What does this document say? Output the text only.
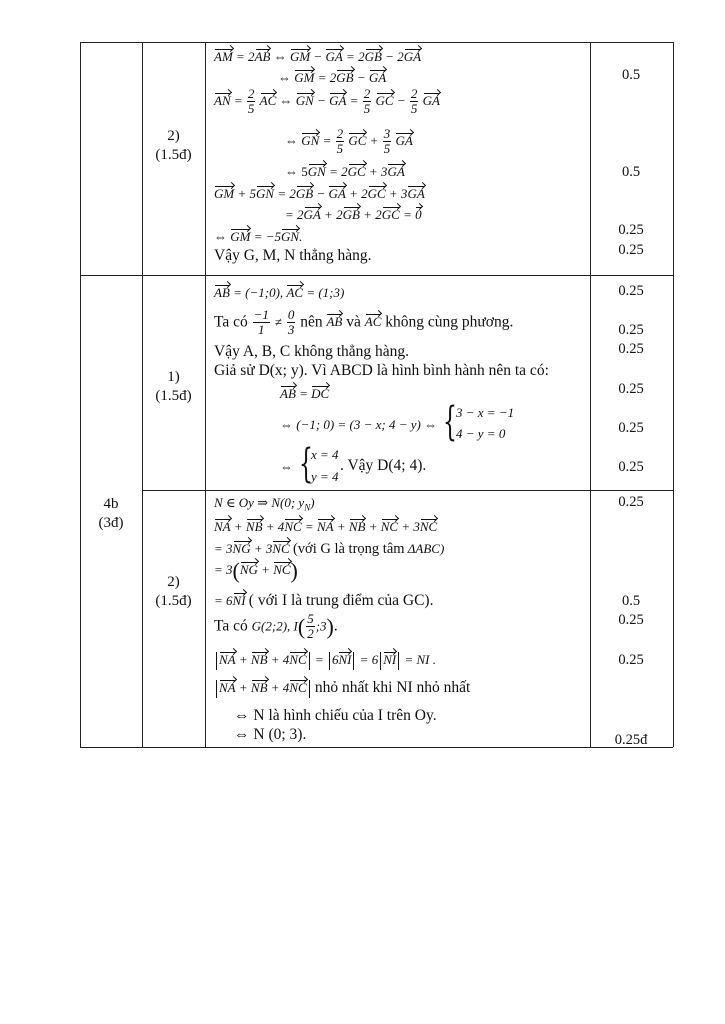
4b
(3đ)
2)
(1.5đ)
AM = 2AB ⇔ GM − GA = 2GB − 2GA
⇔ GM = 2GB − GA
AN = $\frac{2}{5}$ AC ⇔ GN − GA = $\frac{2}{5}$ GC − $\frac{2}{5}$ GA
⇔ GN = $\frac{2}{5}$ GC + $\frac{3}{5}$ GA
⇔ 5GN = 2GC + 3GA
GM + 5GN = 2GB − GA + 2GC + 3GA
= 2GA + 2GB + 2GC = 0
⇔ GM = −5GN.
Vậy G, M, N thẳng hàng.
0.5
0.5
0.25
0.25
1)
(1.5đ)
AB = (−1;0), AC = (1;3)
Ta có $\frac{-1}{1} \ne \frac{0}{3}$ nên AB và AC không cùng phương.
Vậy A, B, C không thẳng hàng.
Giả sử D(x; y). Vì ABCD là hình bình hành nên ta có:
AB = DC
⇔ (−1; 0) = (3 − x; 4 − y) ⇔ { 3 − x = −1
4 − y = 0
⇔ {
x = 4
y = 4
. Vậy D(4; 4).
0.25
0.25
0.25
0.25
0.25
0.25
2)
(1.5đ)
N ∈ Oy ⇒ N(0; $y_N$)
NA + NB + 4NC = NA + NB + NC + 3NC
= 3NG + 3NC (với G là trọng tâm ΔABC)
= 3(NG + NC)
= 6NI ( với I là trung điểm của GC).
Ta có G(2;2), $I( \frac{5}{2}$ ;3).
NA + NB + 4NC = 6NI = 6 NI = NI .
NA + NB + 4NC nhỏ nhất khi NI nhỏ nhất
⇔ N là hình chiếu của I trên Oy.
⇔ N (0; 3).
0.25
0.5
0.25
0.25
0.25đ
